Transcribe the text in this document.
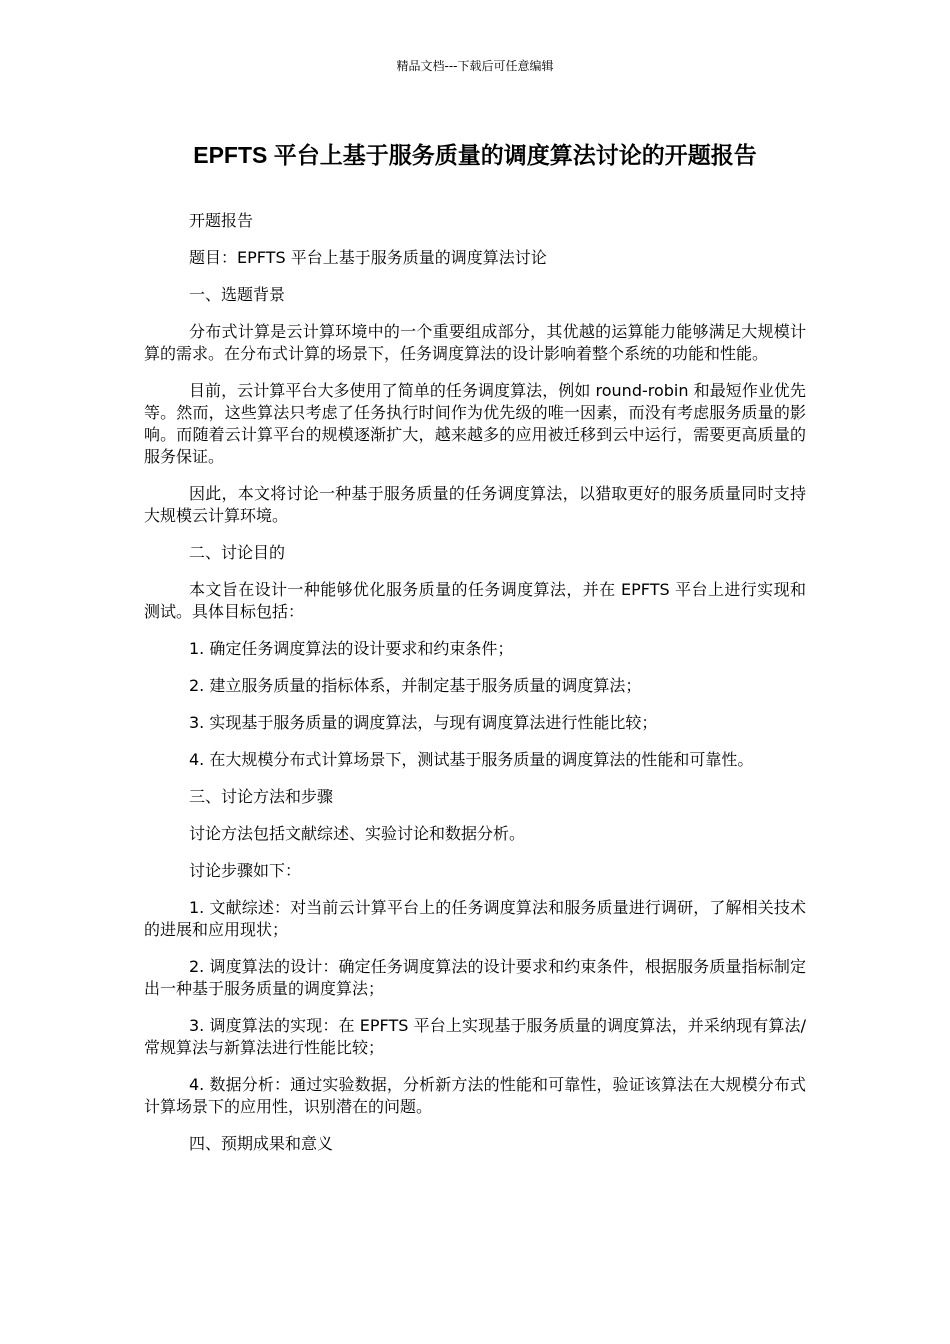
精品文档---下载后可任意编辑
EPFTS 平台上基于服务质量的调度算法讨论的开题报告

开题报告

题目：EPFTS 平台上基于服务质量的调度算法讨论

一、选题背景

分布式计算是云计算环境中的一个重要组成部分，其优越的运算能力能够满足大规模计算的需求。在分布式计算的场景下，任务调度算法的设计影响着整个系统的功能和性能。

目前，云计算平台大多使用了简单的任务调度算法，例如 round-robin 和最短作业优先等。然而，这些算法只考虑了任务执行时间作为优先级的唯一因素，而没有考虑服务质量的影响。而随着云计算平台的规模逐渐扩大，越来越多的应用被迁移到云中运行，需要更高质量的服务保证。

因此，本文将讨论一种基于服务质量的任务调度算法，以猎取更好的服务质量同时支持大规模云计算环境。

二、讨论目的

本文旨在设计一种能够优化服务质量的任务调度算法，并在 EPFTS 平台上进行实现和测试。具体目标包括：

1. 确定任务调度算法的设计要求和约束条件；

2. 建立服务质量的指标体系，并制定基于服务质量的调度算法；

3. 实现基于服务质量的调度算法，与现有调度算法进行性能比较；

4. 在大规模分布式计算场景下，测试基于服务质量的调度算法的性能和可靠性。

三、讨论方法和步骤

讨论方法包括文献综述、实验讨论和数据分析。

讨论步骤如下：

1. 文献综述：对当前云计算平台上的任务调度算法和服务质量进行调研，了解相关技术的进展和应用现状；

2. 调度算法的设计：确定任务调度算法的设计要求和约束条件，根据服务质量指标制定出一种基于服务质量的调度算法；

3. 调度算法的实现：在 EPFTS 平台上实现基于服务质量的调度算法，并采纳现有算法/常规算法与新算法进行性能比较；

4. 数据分析：通过实验数据，分析新方法的性能和可靠性，验证该算法在大规模分布式计算场景下的应用性，识别潜在的问题。

四、预期成果和意义
